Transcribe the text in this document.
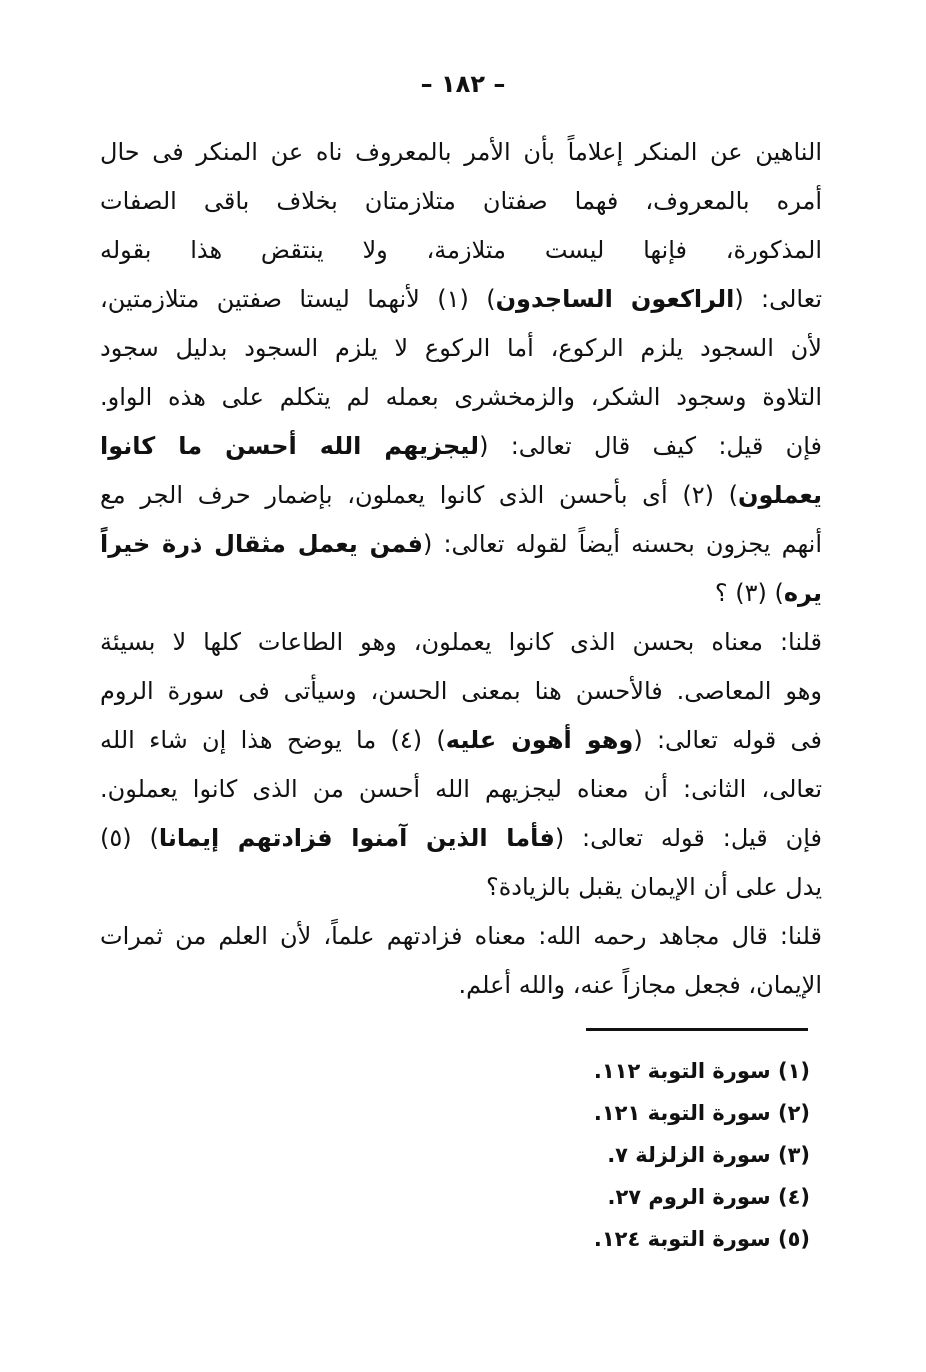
– ١٨٢ –
الناهين عن المنكر إعلاماً بأن الأمر بالمعروف ناه عن المنكر فى حال
أمره بالمعروف، فهما صفتان متلازمتان بخلاف باقى الصفات
المذكورة، فإنها ليست متلازمة، ولا ينتقض هذا بقوله
تعالى: (الراكعون الساجدون) (١) لأنهما ليستا صفتين متلازمتين،
لأن السجود يلزم الركوع، أما الركوع لا يلزم السجود بدليل سجود
التلاوة وسجود الشكر، والزمخشرى بعمله لم يتكلم على هذه الواو.
فإن قيل: كيف قال تعالى: (ليجزيهم الله أحسن ما كانوا
يعملون) (٢) أى بأحسن الذى كانوا يعملون، بإضمار حرف الجر مع
أنهم يجزون بحسنه أيضاً لقوله تعالى: (فمن يعمل مثقال ذرة خيراً
يره) (٣) ؟
قلنا: معناه بحسن الذى كانوا يعملون، وهو الطاعات كلها لا بسيئة
وهو المعاصى. فالأحسن هنا بمعنى الحسن، وسيأتى فى سورة الروم
فى قوله تعالى: (وهو أهون عليه) (٤) ما يوضح هذا إن شاء الله
تعالى، الثانى: أن معناه ليجزيهم الله أحسن من الذى كانوا يعملون.
فإن قيل: قوله تعالى: (فأما الذين آمنوا فزادتهم إيمانا) (٥)
يدل على أن الإيمان يقبل بالزيادة؟
قلنا: قال مجاهد رحمه الله: معناه فزادتهم علماً، لأن العلم من ثمرات
الإيمان، فجعل مجازاً عنه، والله أعلم.
(١) سورة التوبة ١١٢.
(٢) سورة التوبة ١٢١.
(٣) سورة الزلزلة ٧.
(٤) سورة الروم ٢٧.
(٥) سورة التوبة ١٢٤.
